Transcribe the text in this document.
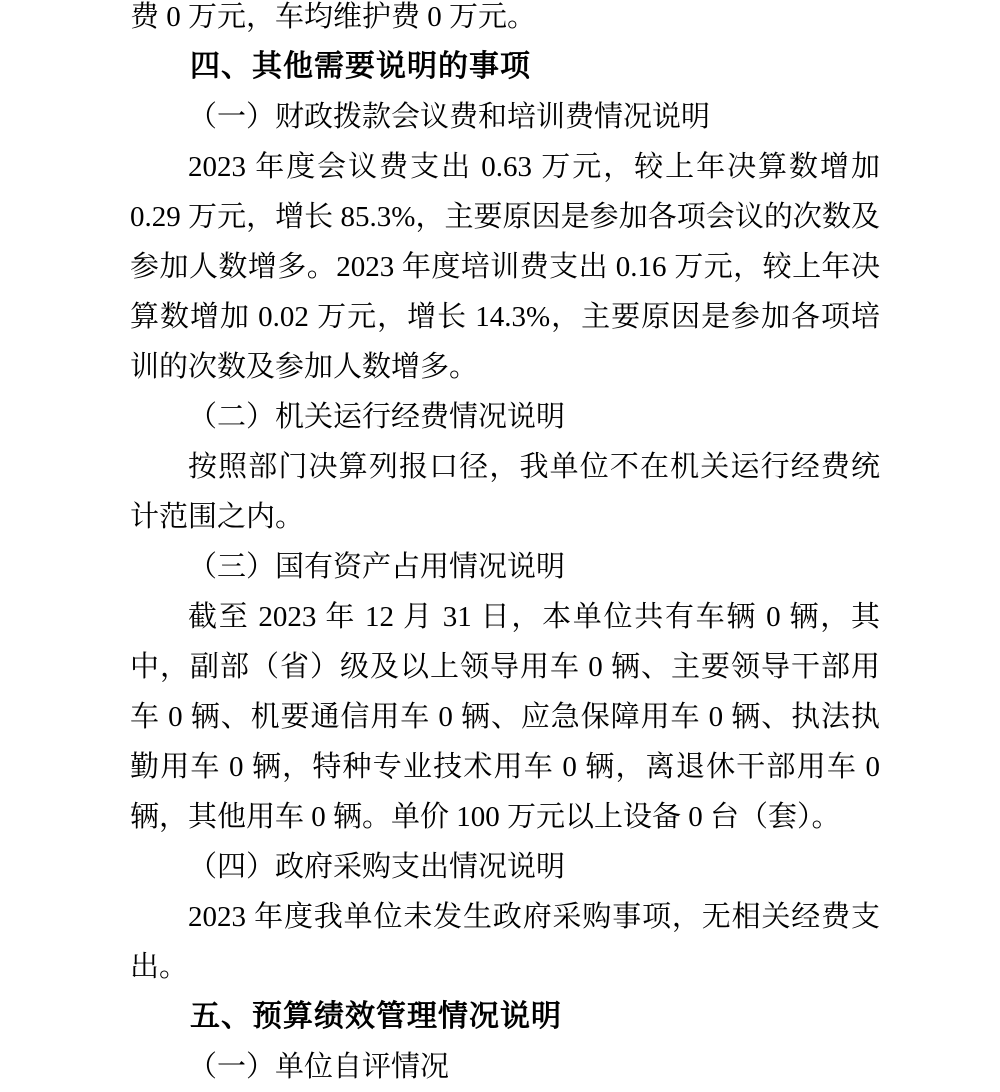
费 0 万元，车均维护费 0 万元。

四、其他需要说明的事项

（一）财政拨款会议费和培训费情况说明

2023 年度会议费支出 0.63 万元，较上年决算数增加 0.29 万元，增长 85.3%，主要原因是参加各项会议的次数及参加人数增多。2023 年度培训费支出 0.16 万元，较上年决算数增加 0.02 万元，增长 14.3%，主要原因是参加各项培训的次数及参加人数增多。

（二）机关运行经费情况说明

按照部门决算列报口径，我单位不在机关运行经费统计范围之内。

（三）国有资产占用情况说明

截至 2023 年 12 月 31 日，本单位共有车辆 0 辆，其中，副部（省）级及以上领导用车 0 辆、主要领导干部用车 0 辆、机要通信用车 0 辆、应急保障用车 0 辆、执法执勤用车 0 辆，特种专业技术用车 0 辆，离退休干部用车 0 辆，其他用车 0 辆。单价 100 万元以上设备 0 台（套）。

（四）政府采购支出情况说明

2023 年度我单位未发生政府采购事项，无相关经费支出。

五、预算绩效管理情况说明

（一）单位自评情况
